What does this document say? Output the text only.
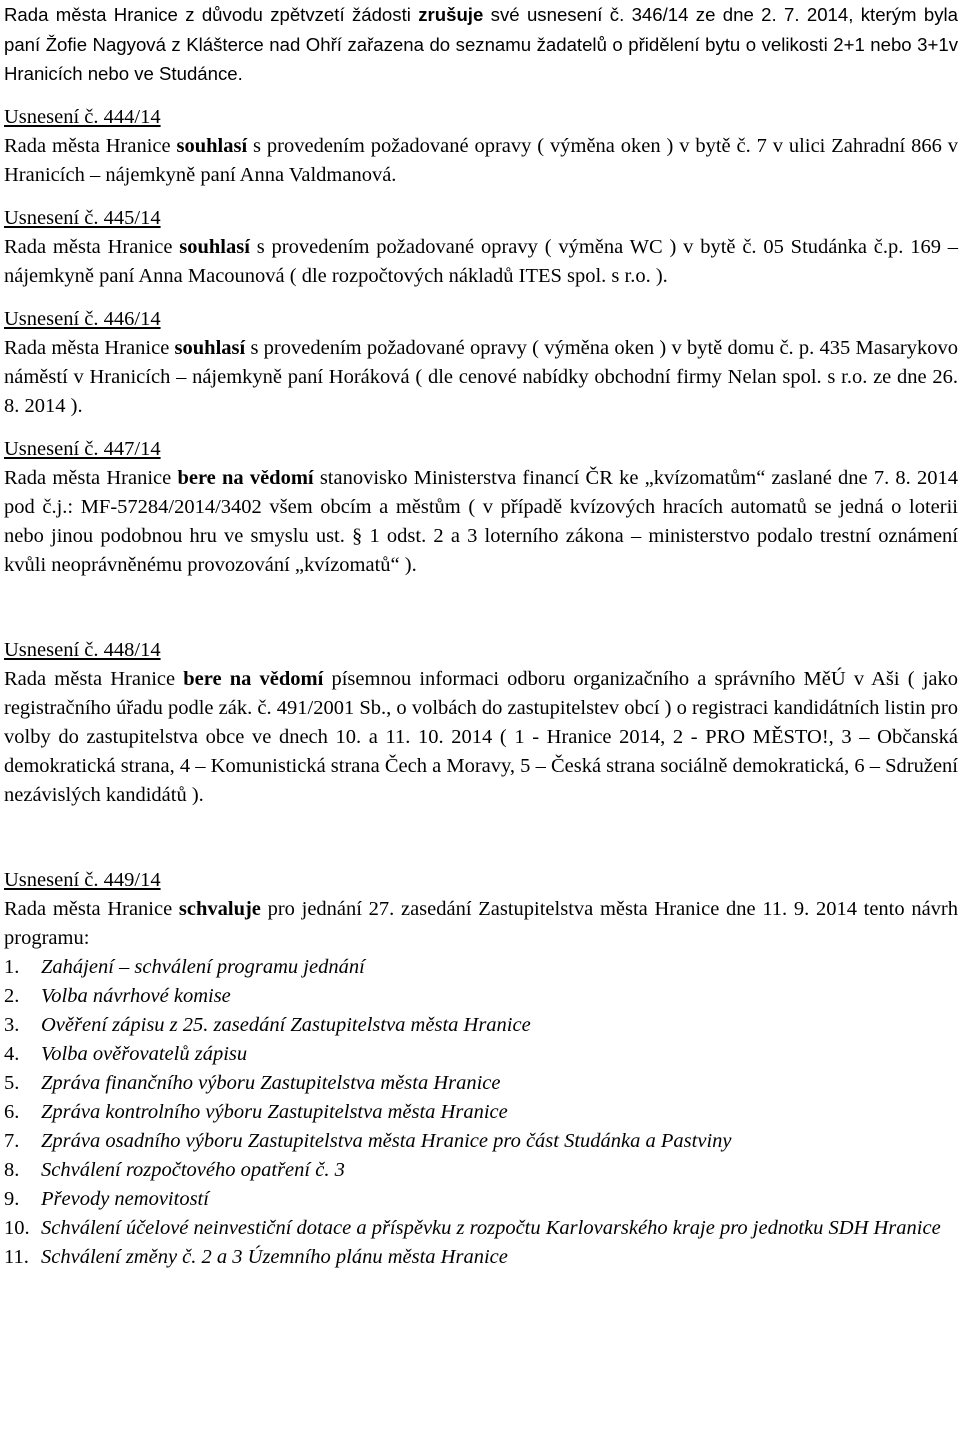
Rada města Hranice z důvodu zpětvzetí žádosti zrušuje své usnesení č. 346/14 ze dne 2. 7. 2014, kterým byla paní Žofie Nagyová z Klášterce nad Ohří zařazena do seznamu žadatelů o přidělení bytu o velikosti 2+1 nebo 3+1v Hranicích nebo ve Studánce.

Usnesení č. 444/14

Rada města Hranice souhlasí s provedením požadované opravy ( výměna oken ) v bytě č. 7 v ulici Zahradní 866 v Hranicích – nájemkyně paní Anna Valdmanová.

Usnesení č. 445/14

Rada města Hranice souhlasí s provedením požadované opravy ( výměna WC ) v bytě č. 05 Studánka č.p. 169 – nájemkyně paní Anna Macounová ( dle rozpočtových nákladů ITES spol. s r.o. ).

Usnesení č. 446/14

Rada města Hranice souhlasí s provedením požadované opravy ( výměna oken ) v bytě domu č. p. 435 Masarykovo náměstí v Hranicích – nájemkyně paní Horáková ( dle cenové nabídky obchodní firmy Nelan spol. s r.o. ze dne 26. 8. 2014 ).

Usnesení č. 447/14

Rada města Hranice bere na vědomí stanovisko Ministerstva financí ČR ke „kvízomatům“ zaslané dne 7. 8. 2014 pod č.j.: MF-57284/2014/3402 všem obcím a městům ( v případě kvízových hracích automatů se jedná o loterii nebo jinou podobnou hru ve smyslu ust. § 1 odst. 2 a 3 loterního zákona – ministerstvo podalo trestní oznámení kvůli neoprávněnému provozování „kvízomatů“ ).

Usnesení č. 448/14

Rada města Hranice bere na vědomí písemnou informaci odboru organizačního a správního MěÚ v Aši ( jako registračního úřadu podle zák. č. 491/2001 Sb., o volbách do zastupitelstev obcí ) o registraci kandidátních listin pro volby do zastupitelstva obce ve dnech 10. a 11. 10. 2014 ( 1 - Hranice 2014, 2 - PRO MĚSTO!, 3 – Občanská demokratická strana, 4 – Komunistická strana Čech a Moravy, 5 – Česká strana sociálně demokratická, 6 – Sdružení nezávislých kandidátů ).

Usnesení č. 449/14

Rada města Hranice schvaluje pro jednání 27. zasedání Zastupitelstva města Hranice dne 11. 9. 2014 tento návrh programu:

1.	Zahájení – schválení programu jednání
2.	Volba návrhové komise
3.	Ověření zápisu z 25. zasedání Zastupitelstva města Hranice
4.	Volba ověřovatelů zápisu
5.	Zpráva finančního výboru Zastupitelstva města Hranice
6.	Zpráva kontrolního výboru Zastupitelstva města Hranice
7.	Zpráva osadního výboru Zastupitelstva města Hranice pro část Studánka a Pastviny
8.	Schválení rozpočtového opatření č. 3
9.	Převody nemovitostí
10. Schválení účelové neinvestiční dotace a příspěvku z rozpočtu Karlovarského kraje pro jednotku SDH Hranice
11. Schválení změny č. 2 a 3 Územního plánu města Hranice
